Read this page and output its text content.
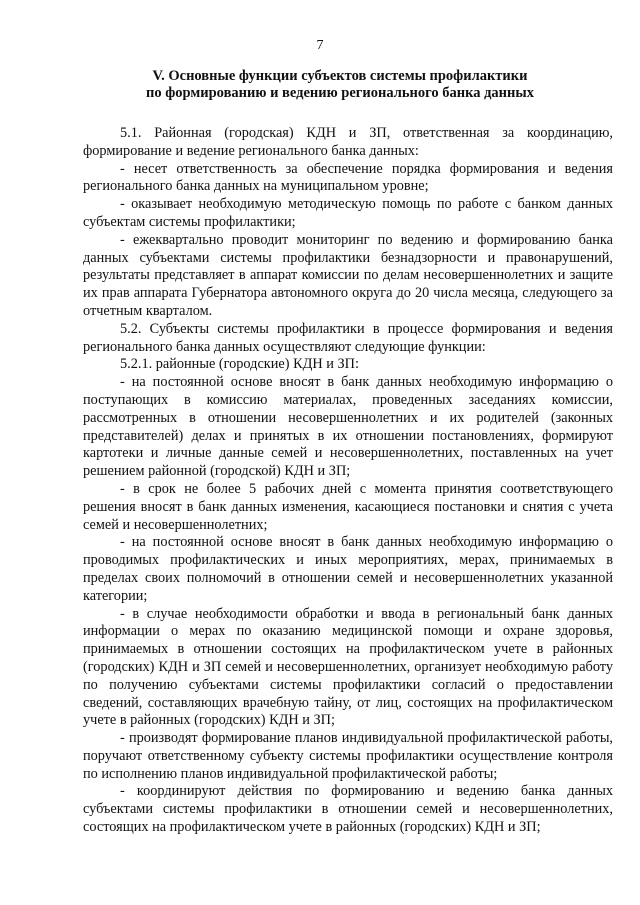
7
V. Основные функции субъектов системы профилактики
по формированию и ведению регионального банка данных

5.1. Районная (городская) КДН и ЗП, ответственная за координацию, формирование и ведение регионального банка данных:

- несет ответственность за обеспечение порядка формирования и ведения регионального банка данных на муниципальном уровне;

- оказывает необходимую методическую помощь по работе с банком данных субъектам системы профилактики;

- ежеквартально проводит мониторинг по ведению и формированию банка данных субъектами системы профилактики безнадзорности и правонарушений, результаты представляет в аппарат комиссии по делам несовершеннолетних и защите их прав аппарата Губернатора автономного округа до 20 числа месяца, следующего за отчетным кварталом.

5.2. Субъекты системы профилактики в процессе формирования и ведения регионального банка данных осуществляют следующие функции:

5.2.1. районные (городские) КДН и ЗП:

- на постоянной основе вносят в банк данных необходимую информацию о поступающих в комиссию материалах, проведенных заседаниях комиссии, рассмотренных в отношении несовершеннолетних и их родителей (законных представителей) делах и принятых в их отношении постановлениях, формируют картотеки и личные данные семей и несовершеннолетних, поставленных на учет решением районной (городской) КДН и ЗП;

- в срок не более 5 рабочих дней с момента принятия соответствующего решения вносят в банк данных изменения, касающиеся постановки и снятия с учета семей и несовершеннолетних;

- на постоянной основе вносят в банк данных необходимую информацию о проводимых профилактических и иных мероприятиях, мерах, принимаемых в пределах своих полномочий в отношении семей и несовершеннолетних указанной категории;

- в случае необходимости обработки и ввода в региональный банк данных информации о мерах по оказанию медицинской помощи и охране здоровья, принимаемых в отношении состоящих на профилактическом учете в районных (городских) КДН и ЗП семей и несовершеннолетних, организует необходимую работу по получению субъектами системы профилактики согласий о предоставлении сведений, составляющих врачебную тайну, от лиц, состоящих на профилактическом учете в районных (городских) КДН и ЗП;

- производят формирование планов индивидуальной профилактической работы, поручают ответственному субъекту системы профилактики осуществление контроля по исполнению планов индивидуальной профилактической работы;

- координируют действия по формированию и ведению банка данных субъектами системы профилактики в отношении семей и несовершеннолетних, состоящих на профилактическом учете в районных (городских) КДН и ЗП;
